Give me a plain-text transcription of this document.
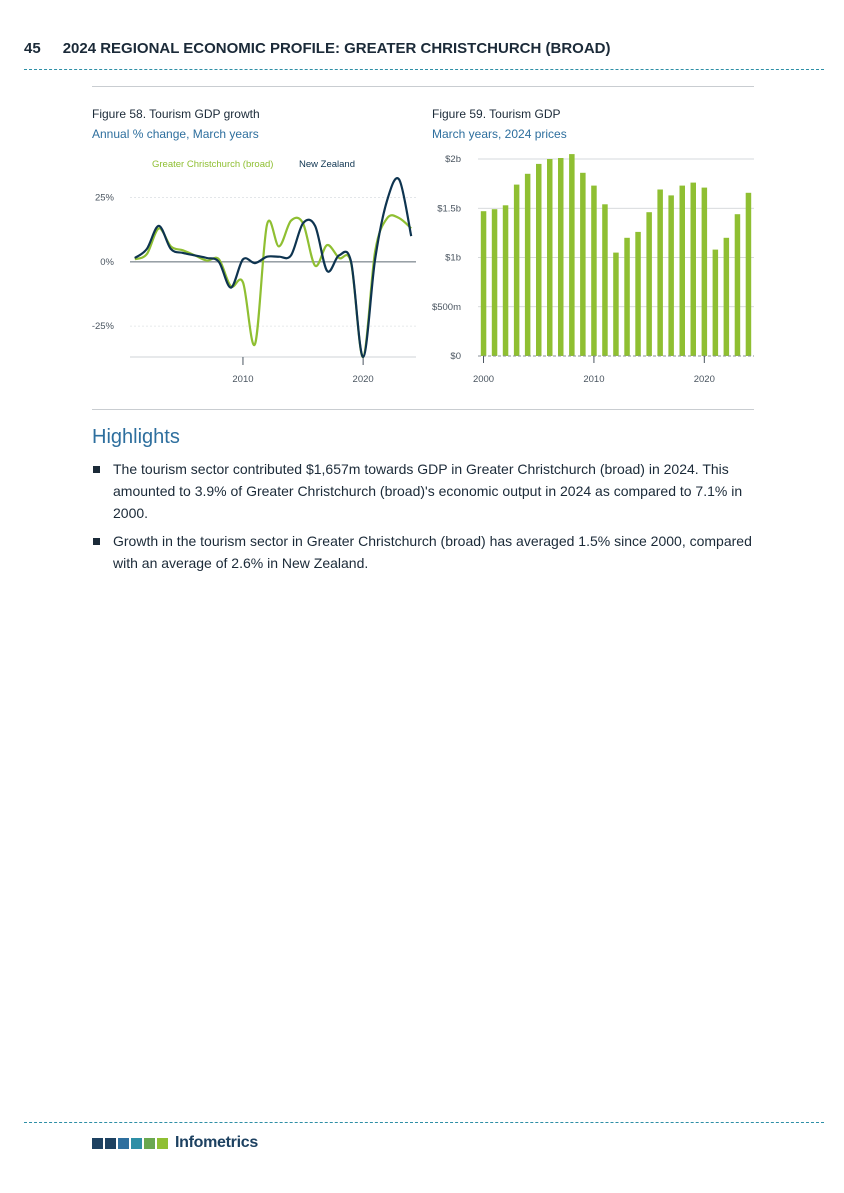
45 2024 REGIONAL ECONOMIC PROFILE: GREATER CHRISTCHURCH (BROAD)
Figure 58. Tourism GDP growth
Annual % change, March years
Figure 59. Tourism GDP
March years, 2024 prices
25%
0%
-25%
2010	2020
Greater Christchurch (broad)	New Zealand
$0
$500m
$1b
$1.5b
$2b
2000	2010	2020
Highlights
The tourism sector contributed $1,657m towards GDP in Greater Christchurch (broad) in 2024. This amounted to 3.9% of Greater Christchurch (broad)'s economic output in 2024 as compared to 7.1% in 2000.
Growth in the tourism sector in Greater Christchurch (broad) has averaged 1.5% since 2000, compared with an average of 2.6% in New Zealand.
Infometrics
